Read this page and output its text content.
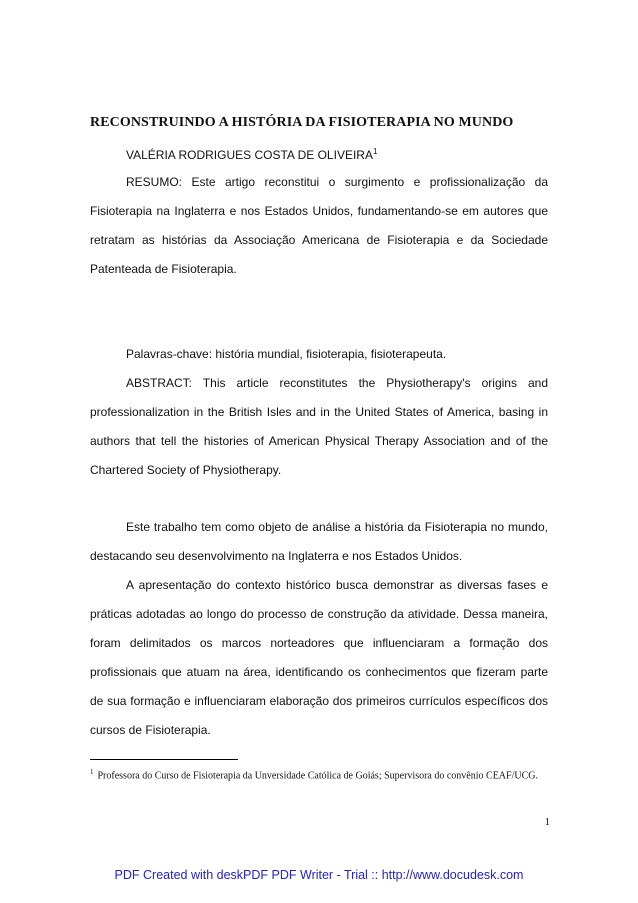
RECONSTRUINDO A HISTÓRIA DA FISIOTERAPIA NO MUNDO
VALÉRIA RODRIGUES COSTA DE OLIVEIRA$^1$

RESUMO: Este artigo reconstitui o surgimento e profissionalização da Fisioterapia na Inglaterra e nos Estados Unidos, fundamentando-se em autores que retratam as histórias da Associação Americana de Fisioterapia e da Sociedade Patenteada de Fisioterapia.

Palavras-chave: história mundial, fisioterapia, fisioterapeuta.

ABSTRACT: This article reconstitutes the Physiotherapy's origins and professionalization in the British Isles and in the United States of America, basing in authors that tell the histories of American Physical Therapy Association and of the Chartered Society of Physiotherapy.

Este trabalho tem como objeto de análise a história da Fisioterapia no mundo, destacando seu desenvolvimento na Inglaterra e nos Estados Unidos.

A apresentação do contexto histórico busca demonstrar as diversas fases e práticas adotadas ao longo do processo de construção da atividade. Dessa maneira, foram delimitados os marcos norteadores que influenciaram a formação dos profissionais que atuam na área, identificando os conhecimentos que fizeram parte de sua formação e influenciaram elaboração dos primeiros currículos específicos dos cursos de Fisioterapia.

$^1$ Professora do Curso de Fisioterapia da Unversidade Católica de Goiás; Supervisora do convênio CEAF/UCG.
1
PDF Created with deskPDF PDF Writer - Trial :: http://www.docudesk.com
